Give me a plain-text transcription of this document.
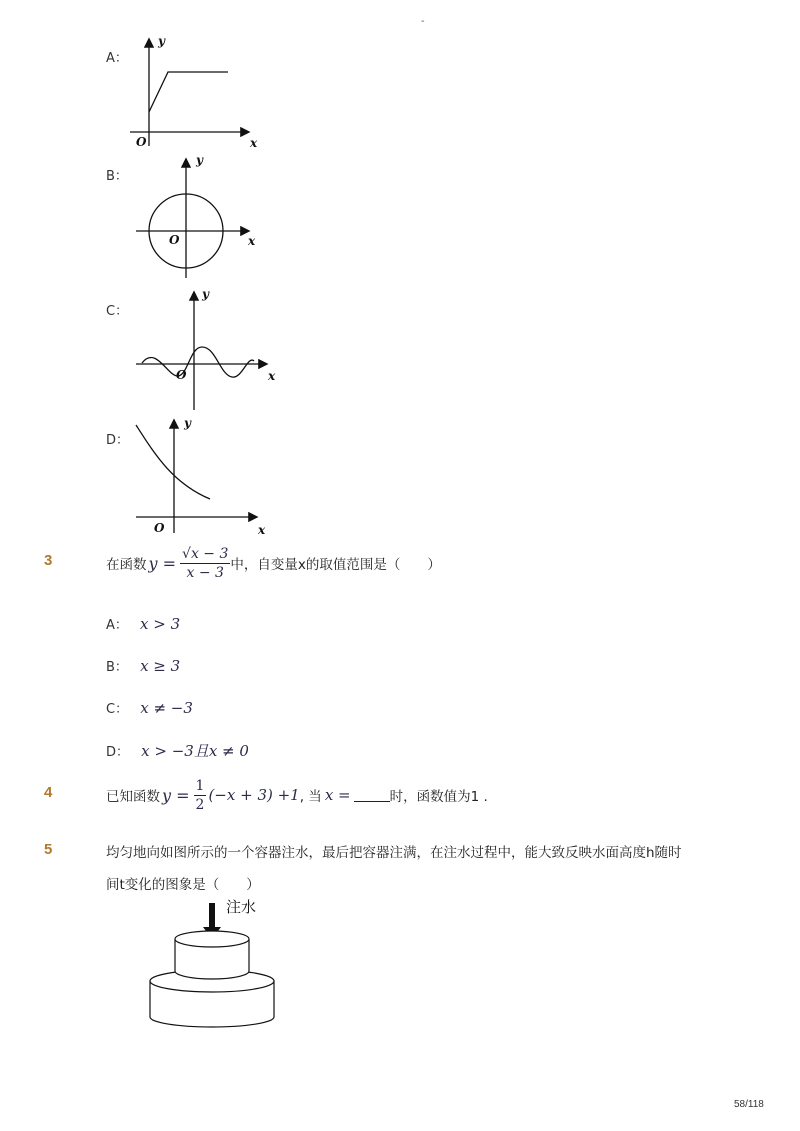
-
A：
y
x
O
B：
y
x
O
C：
y
x
O
D：
y
x
O
3	在函数 $y = \frac{√x - 3}{x - 3}$ 中，自变量x的取值范围是（　　）
A： x > 3
B： x ≥ 3
C： x ≠ −3
D： x > −3且x ≠ 0
4	已知函数 $y = \frac{1}{2} (-x + 3) +1$ , 当 x =	时，函数值为1 .
5	均匀地向如图所示的一个容器注水，最后把容器注满，在注水过程中，能大致反映水面高度h随时
间t变化的图象是（　　）
注水
58/118
